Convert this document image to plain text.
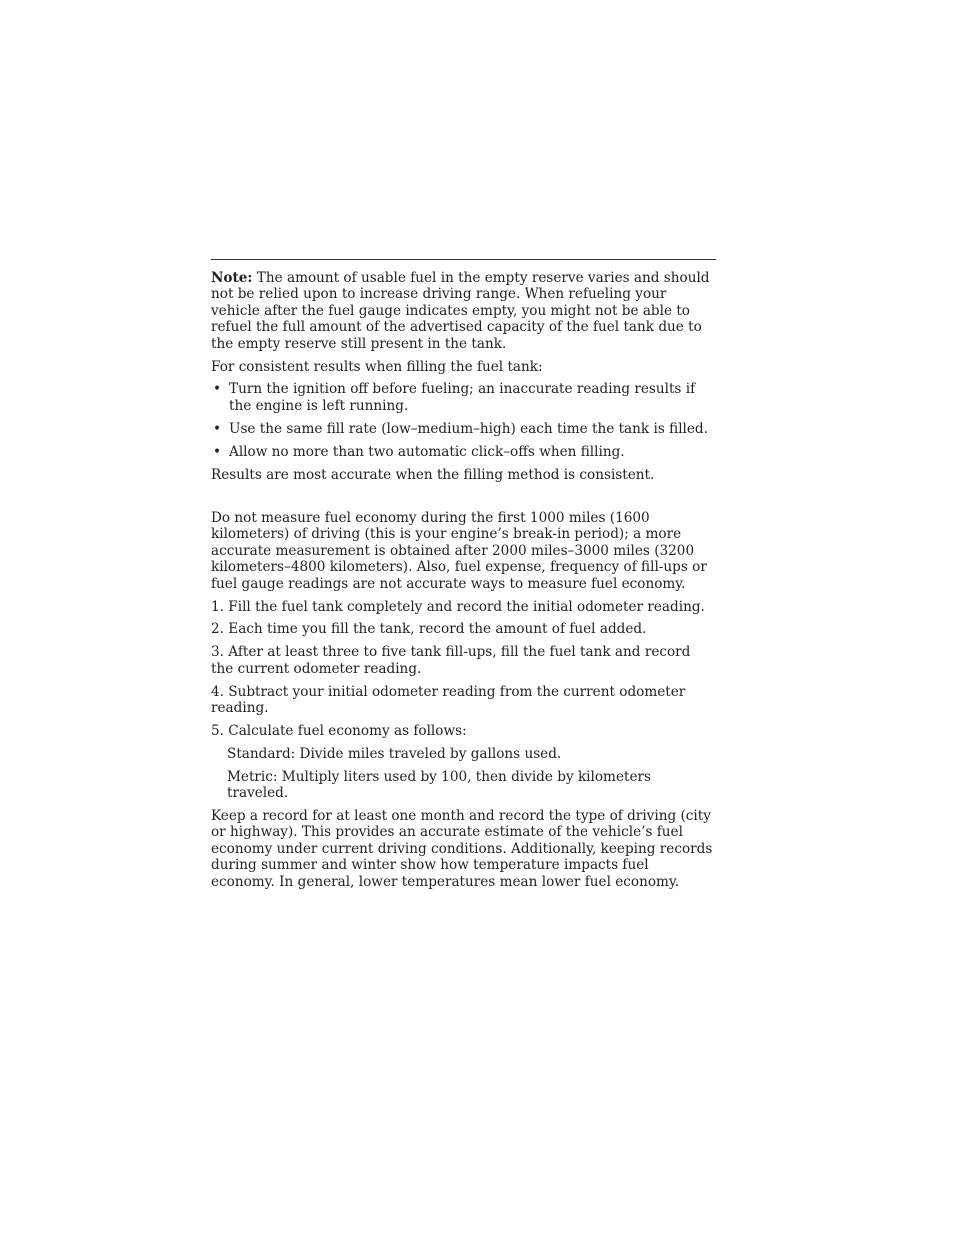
Note: The amount of usable fuel in the empty reserve varies and should not be relied upon to increase driving range. When refueling your vehicle after the fuel gauge indicates empty, you might not be able to refuel the full amount of the advertised capacity of the fuel tank due to the empty reserve still present in the tank.

For consistent results when filling the fuel tank:

• Turn the ignition off before fueling; an inaccurate reading results if the engine is left running.
• Use the same fill rate (low–medium–high) each time the tank is filled.
• Allow no more than two automatic click–offs when filling.

Results are most accurate when the filling method is consistent.

Do not measure fuel economy during the first 1000 miles (1600 kilometers) of driving (this is your engine’s break-in period); a more accurate measurement is obtained after 2000 miles–3000 miles (3200 kilometers–4800 kilometers). Also, fuel expense, frequency of fill-ups or fuel gauge readings are not accurate ways to measure fuel economy.

1. Fill the fuel tank completely and record the initial odometer reading.

2. Each time you fill the tank, record the amount of fuel added.

3. After at least three to five tank fill-ups, fill the fuel tank and record the current odometer reading.

4. Subtract your initial odometer reading from the current odometer reading.

5. Calculate fuel economy as follows:

Standard: Divide miles traveled by gallons used.

Metric: Multiply liters used by 100, then divide by kilometers traveled.

Keep a record for at least one month and record the type of driving (city or highway). This provides an accurate estimate of the vehicle’s fuel economy under current driving conditions. Additionally, keeping records during summer and winter show how temperature impacts fuel economy. In general, lower temperatures mean lower fuel economy.
